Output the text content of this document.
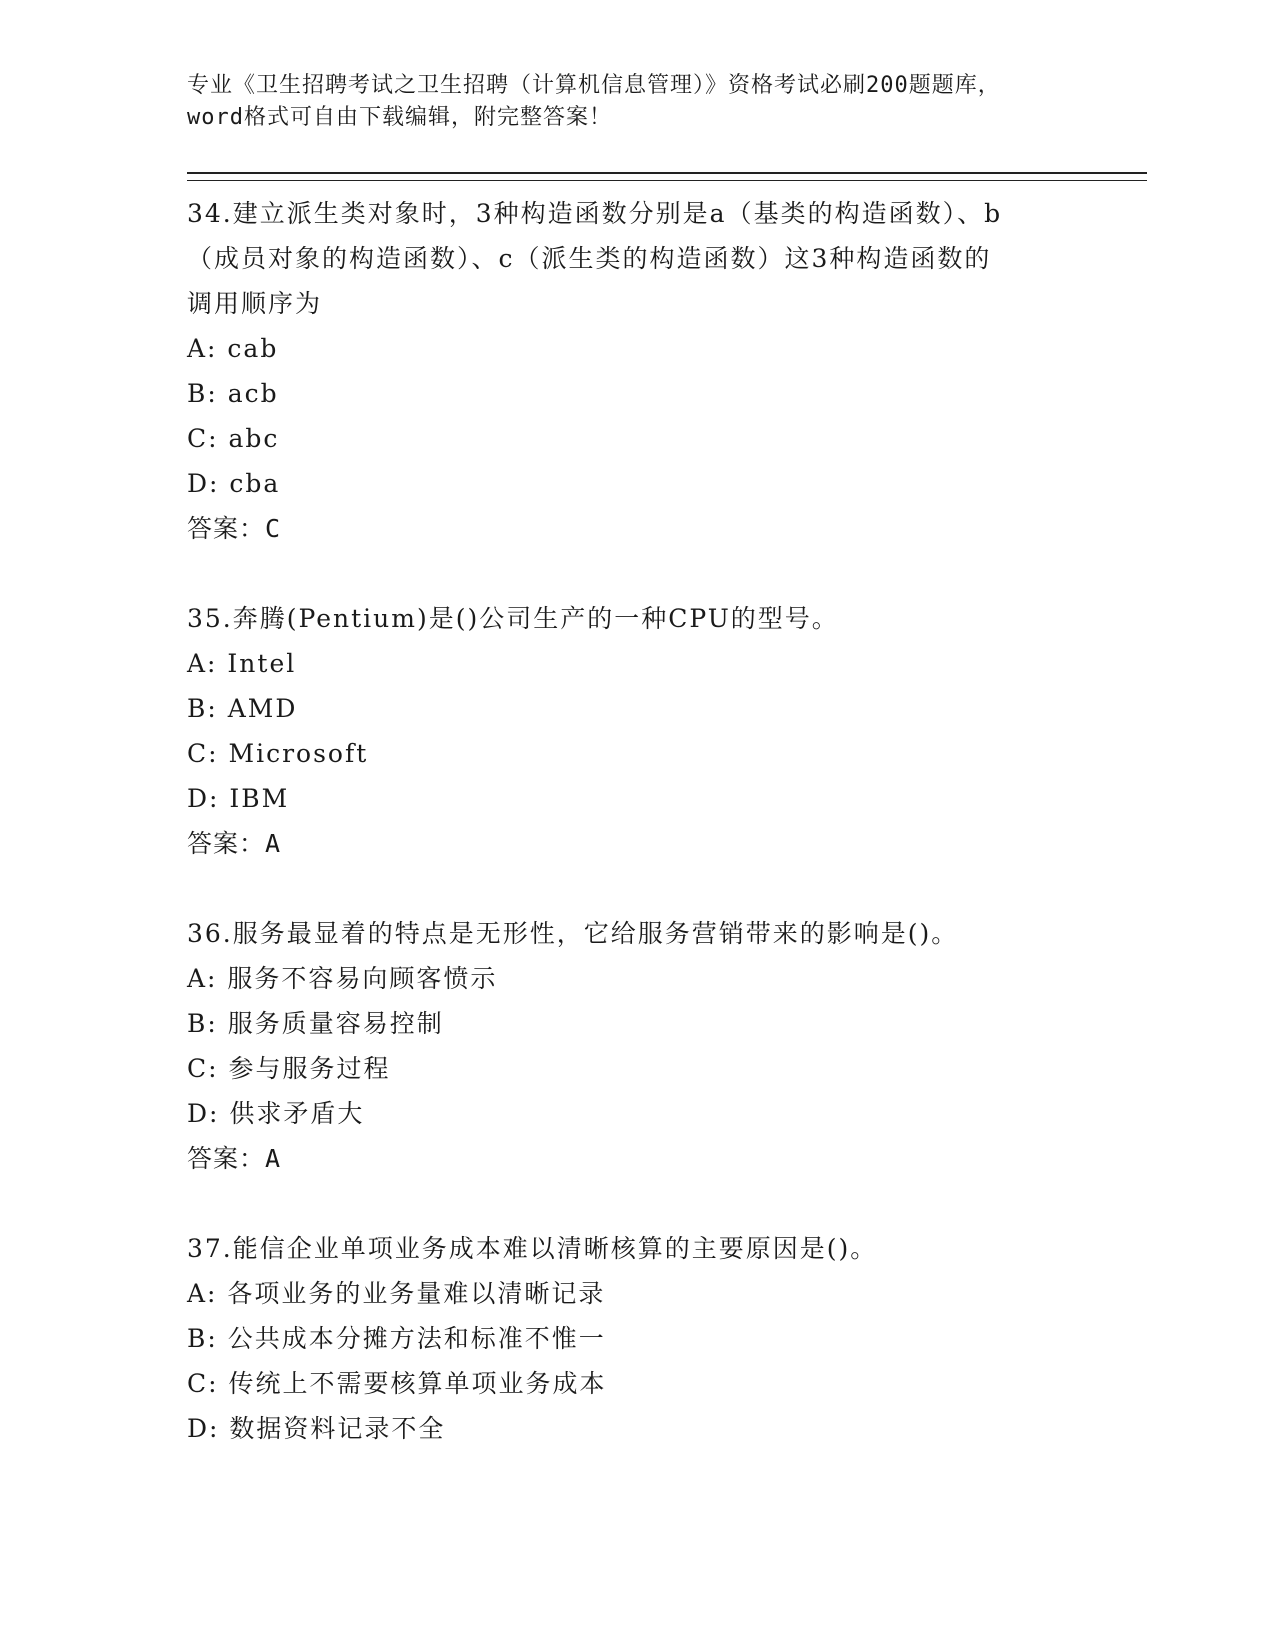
专业《卫生招聘考试之卫生招聘（计算机信息管理）》资格考试必刷200题题库，
word格式可自由下载编辑，附完整答案！
34.建立派生类对象时，3种构造函数分别是a（基类的构造函数）、b
（成员对象的构造函数）、c（派生类的构造函数）这3种构造函数的
调用顺序为
A: cab
B: acb
C: abc
D: cba
答案：C
35.奔腾(Pentium)是()公司生产的一种CPU的型号。
A: Intel
B: AMD
C: Microsoft
D: IBM
答案：A
36.服务最显着的特点是无形性，它给服务营销带来的影响是()。
A: 服务不容易向顾客愤示
B: 服务质量容易控制
C: 参与服务过程
D: 供求矛盾大
答案：A
37.能信企业单项业务成本难以清晰核算的主要原因是()。
A: 各项业务的业务量难以清晰记录
B: 公共成本分摊方法和标准不惟一
C: 传统上不需要核算单项业务成本
D: 数据资料记录不全
